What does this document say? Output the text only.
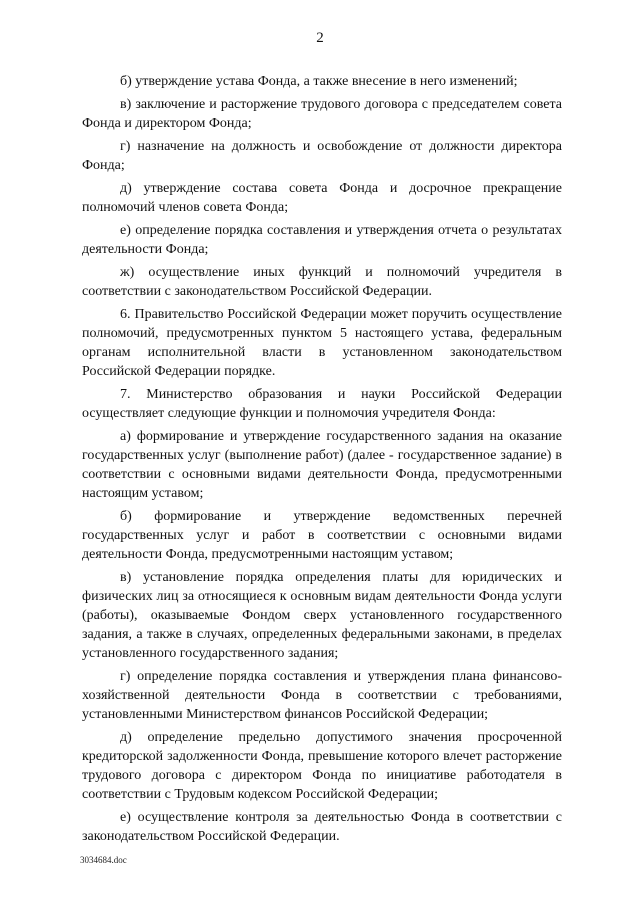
2

б) утверждение устава Фонда, а также внесение в него изменений;

в) заключение и расторжение трудового договора с председателем совета Фонда и директором Фонда;

г) назначение на должность и освобождение от должности директора Фонда;

д) утверждение состава совета Фонда и досрочное прекращение полномочий членов совета Фонда;

е) определение порядка составления и утверждения отчета о результатах деятельности Фонда;

ж) осуществление иных функций и полномочий учредителя в соответствии с законодательством Российской Федерации.

6. Правительство Российской Федерации может поручить осуществление полномочий, предусмотренных пунктом 5 настоящего устава, федеральным органам исполнительной власти в установленном законодательством Российской Федерации порядке.

7. Министерство образования и науки Российской Федерации осуществляет следующие функции и полномочия учредителя Фонда:

а) формирование и утверждение государственного задания на оказание государственных услуг (выполнение работ) (далее - государственное задание) в соответствии с основными видами деятельности Фонда, предусмотренными настоящим уставом;

б) формирование и утверждение ведомственных перечней государственных услуг и работ в соответствии с основными видами деятельности Фонда, предусмотренными настоящим уставом;

в) установление порядка определения платы для юридических и физических лиц за относящиеся к основным видам деятельности Фонда услуги (работы), оказываемые Фондом сверх установленного государственного задания, а также в случаях, определенных федеральными законами, в пределах установленного государственного задания;

г) определение порядка составления и утверждения плана финансово-хозяйственной деятельности Фонда в соответствии с требованиями, установленными Министерством финансов Российской Федерации;

д) определение предельно допустимого значения просроченной кредиторской задолженности Фонда, превышение которого влечет расторжение трудового договора с директором Фонда по инициативе работодателя в соответствии с Трудовым кодексом Российской Федерации;

е) осуществление контроля за деятельностью Фонда в соответствии с законодательством Российской Федерации.

3034684.doc
